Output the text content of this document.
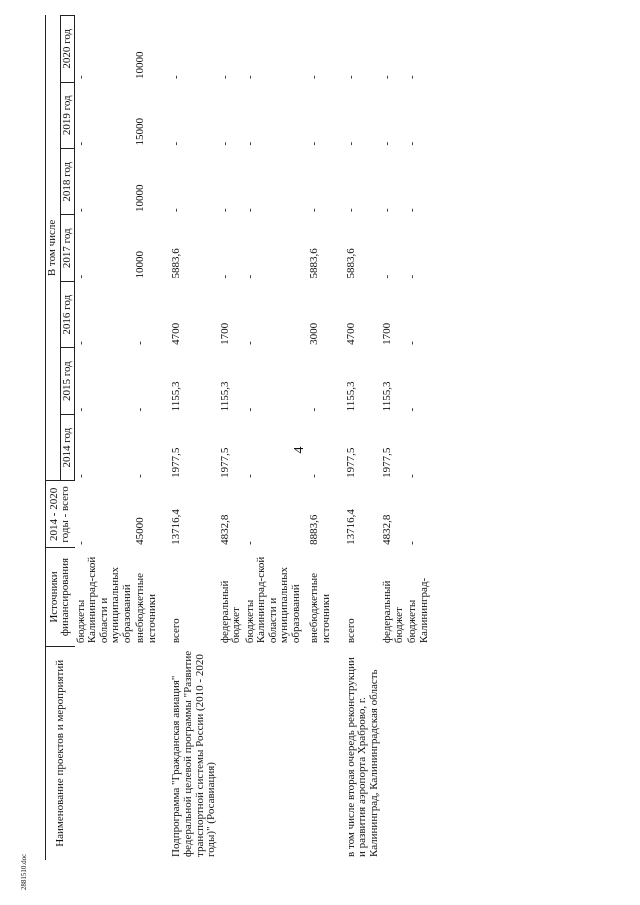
4
2881510.doc
Наименование проектов и мероприятий	Источники финансирования	2014 - 2020 годы - всего	В том числе						
			2014 год	2015 год	2016 год	2017 год	2018 год	2019 год	2020 год
	бюджеты Калининград-ской области и муниципальных образований	-	-	-	-	-	-	-	-
	внебюджетные источники	45000	-	-	-	10000	10000	15000	10000
Подпрограмма "Гражданская авиация" федеральной целевой программы "Развитие транспортной системы России (2010 - 2020 годы)" (Росавиация)	всего	13716,4	1977,5	1155,3	4700	5883,6	-	-	-
	федеральный бюджет	4832,8	1977,5	1155,3	1700	-	-	-	-
	бюджеты Калининград-ской области и муниципальных образований	-	-	-	-	-	-	-	-
	внебюджетные источники	8883,6	-	-	3000	5883,6	-	-	-
в том числе вторая очередь реконструкции и развития аэропорта Храброво, г. Калининград, Калининградская область	всего	13716,4	1977,5	1155,3	4700	5883,6	-	-	-
	федеральный бюджет	4832,8	1977,5	1155,3	1700	-	-	-	-
	бюджеты Калининград-	-	-	-	-	-	-	-	-
